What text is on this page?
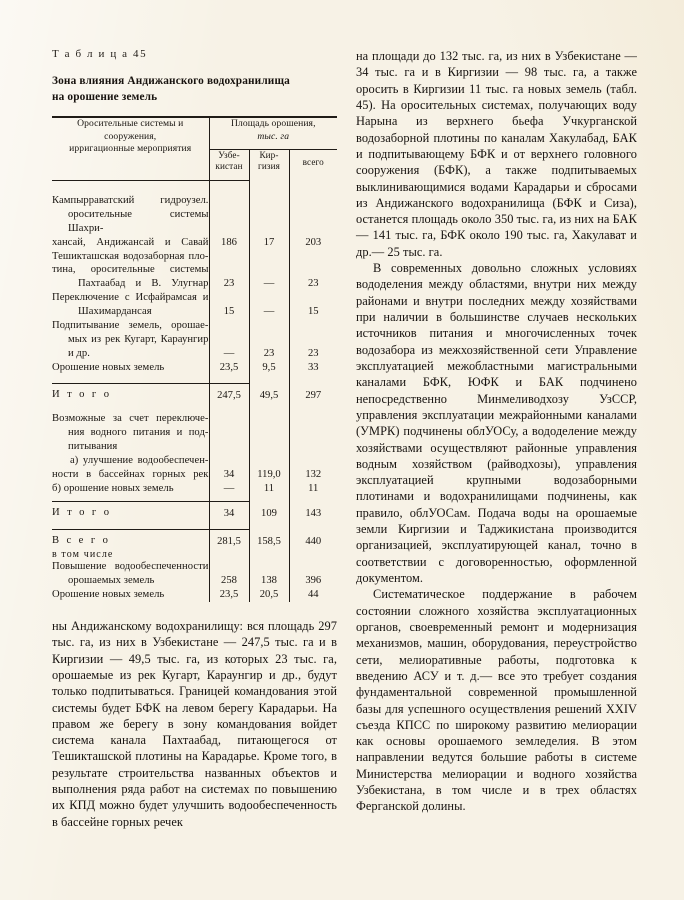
Т а б л и ц а 45
Зона влияния Андижанского водохранилища
на орошение земель
Оросительные системы и сооружения,
ирригационные мероприятия

Площадь орошения,
тыс. га

Узбе-
кистан

Кир-
гизия	всего

Кампырраватский гидроузел.
оросительные системы Шахри-
хансай, Андижансай и Савай	186	17	203

Тешикташская водозаборная пло-
тина, оросительные системы
Пахтаабад и В. Улугнар	23	—	23

Переключение с Исфайрамсая и
Шахимардансая	15	—	15

Подпитывание земель, орошае-
мых из рек Кугарт, Караунгир
и др.	—	23	23

Орошение новых земель	23,5	9,5	33

И т о г о	247,5	49,5	297

Возможные за счет переключе-
ния водного питания и под-
питывания			

а) улучшение водообеспечен-
ности в бассейнах горных рек	34	119,0	132
б) орошение новых земель	—	11	11

И т о г о	34	109	143

В с е г о	281,5	158,5	440
в том числе			

Повышение водообеспеченности
орошаемых земель	258	138	396
Орошение новых земель	23,5	20,5	44

ны Андижанскому водохранилищу: вся площадь 297 тыс. га, из них в Узбекистане — 247,5 тыс. га и в Киргизии — 49,5 тыс. га, из которых 23 тыс. га, орошаемые из рек Кугарт, Караунгир и др., будут только подпитываться. Границей командования этой системы будет БФК на левом берегу Карадарьи. На правом же берегу в зону командования войдет система канала Пахтаабад, питающегося от Тешикташской плотины на Карадарье. Кроме того, в результате строительства названных объектов и выполнения ряда работ на системах по повышению их КПД можно будет улучшить водообеспеченность в бассейне горных речек

на площади до 132 тыс. га, из них в Узбекистане — 34 тыс. га и в Киргизии — 98 тыс. га, а также оросить в Киргизии 11 тыс. га новых земель (табл. 45). На оросительных системах, получающих воду Нарына из верхнего бьефа Учкурганской водозаборной плотины по каналам Хакулабад, БАК и подпитывающему БФК и от верхнего головного сооружения (БФК), а также подпитываемых выклинивающимися водами Карадарьи и сбросами из Андижанского водохранилища (БФК и Сиза), останется площадь около 350 тыс. га, из них на БАК — 141 тыс. га, БФК около 190 тыс. га, Хакулават и др.— 25 тыс. га.

В современных довольно сложных условиях вододеления между областями, внутри них между районами и внутри последних между хозяйствами при наличии в большинстве случаев нескольких источников питания и многочисленных точек водозабора из межхозяйственной сети Управление эксплуатацией межобластными магистральными каналами БФК, ЮФК и БАК подчинено непосредственно Минмеливодхозу УзССР, управления эксплуатации межрайонными каналами (УМРК) подчинены облУОСу, а вододеление между хозяйствами осуществляют районные управления водным хозяйством (райводхозы), управления эксплуатацией крупными водозаборными плотинами и водохранилищами подчинены, как правило, облУОСам. Подача воды на орошаемые земли Киргизии и Таджикистана производится организацией, эксплуатирующей канал, точно в соответствии с договоренностью, оформленной документом.

Систематическое поддержание в рабочем состоянии сложного хозяйства эксплуатационных органов, своевременный ремонт и модернизация механизмов, машин, оборудования, переустройство сети, мелиоративные работы, подготовка к введению АСУ и т. д.— все это требует создания фундаментальной современной промышленной базы для успешного осуществления решений XXIV съезда КПСС по широкому развитию мелиорации как основы орошаемого земледелия. В этом направлении ведутся большие работы в системе Министерства мелиорации и водного хозяйства Узбекистана, в том числе и в трех областях Ферганской долины.
